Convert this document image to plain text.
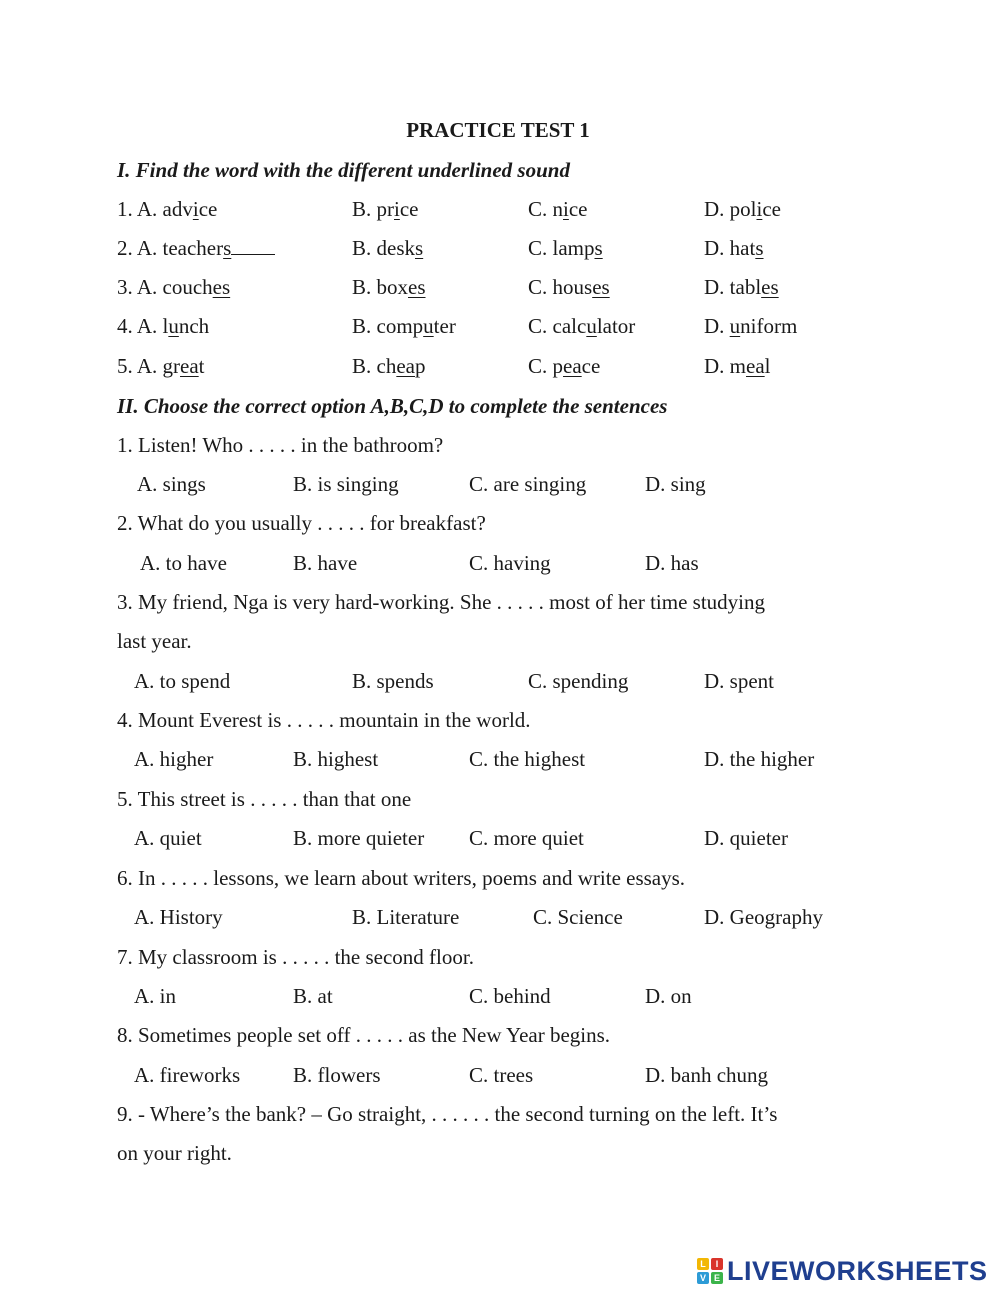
PRACTICE TEST 1
I. Find the word with the different underlined sound
1. A. advice	B. price	C. nice	D. police
2. A. teachers	B. desks	C. lamps	D. hats
3. A. couches	B. boxes	C. houses	D. tables
4. A. lunch	B. computer	C. calculator	D. uniform
5. A. great	B. cheap	C. peace	D. meal
II. Choose the correct option A,B,C,D to complete the sentences
1. Listen! Who . . . . . in the bathroom?
A. sings	B. is singing	C. are singing	D. sing
2. What do you usually . . . . . for breakfast?
A. to have	B. have	C. having	D. has
3. My friend, Nga is very hard-working. She . . . . . most of her time studying
last year.
A. to spend	B. spends	C. spending	D. spent
4. Mount Everest is . . . . . mountain in the world.
A. higher	B. highest	C. the highest	D. the higher
5. This street is . . . . . than that one
A. quiet	B. more quieter C. more quiet	D. quieter
6. In . . . . . lessons, we learn about writers, poems and write essays.
A. History	B. Literature	C. Science	D. Geography
7. My classroom is . . . . . the second floor.
A. in	B. at	C. behind	D. on
8. Sometimes people set off . . . . . as the New Year begins.
A. fireworks	B. flowers	C. trees	D. banh chung
9. - Where’s the bank? – Go straight, . . . . . . the second turning on the left. It’s
on your right.
L	I
V E LIVEWORKSHEETS
